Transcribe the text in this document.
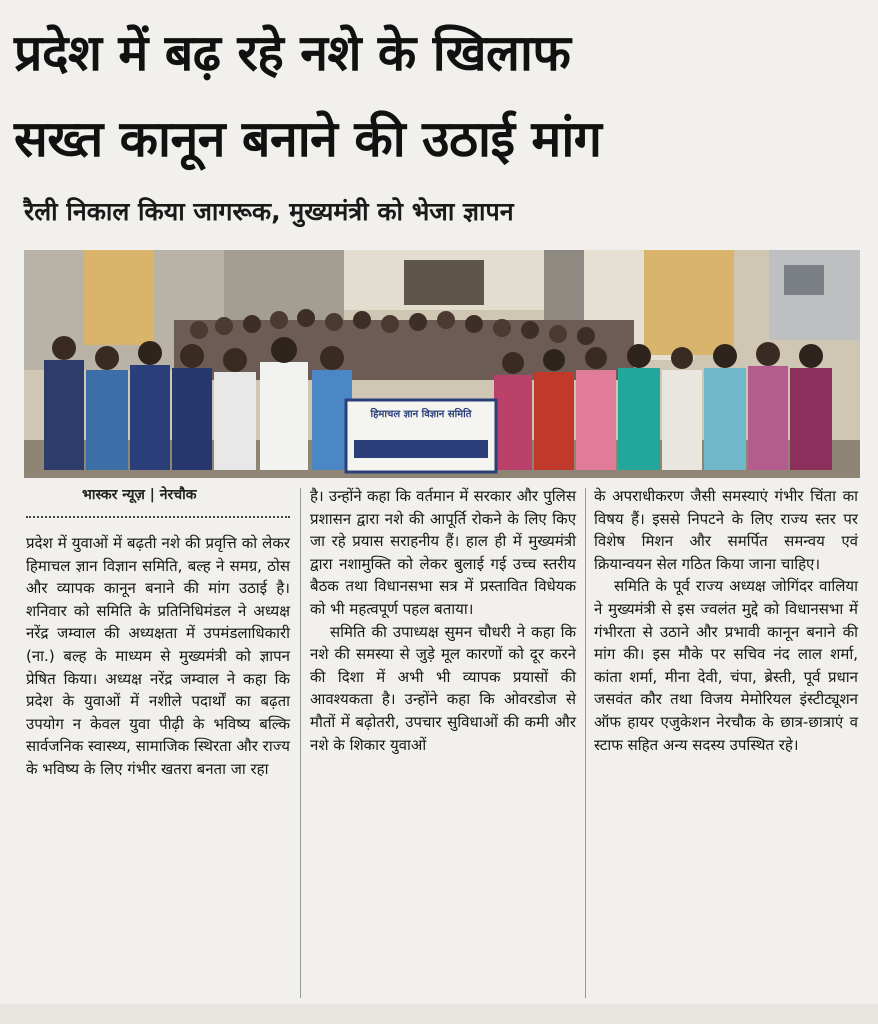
प्रदेश में बढ़ रहे नशे के खिलाफ
सख्त कानून बनाने की उठाई मांग
रैली निकाल किया जागरूक, मुख्यमंत्री को भेजा ज्ञापन
हिमाचल ज्ञान विज्ञान समिति
भास्कर न्यूज़ | नेरचौक

प्रदेश में युवाओं में बढ़ती नशे की प्रवृत्ति को लेकर हिमाचल ज्ञान विज्ञान समिति, बल्ह ने समग्र, ठोस और व्यापक कानून बनाने की मांग उठाई है। शनिवार को समिति के प्रतिनिधिमंडल ने अध्यक्ष नरेंद्र जम्वाल की अध्यक्षता में उपमंडलाधिकारी (ना.) बल्ह के माध्यम से मुख्यमंत्री को ज्ञापन प्रेषित किया। अध्यक्ष नरेंद्र जम्वाल ने कहा कि प्रदेश के युवाओं में नशीले पदार्थों का बढ़ता उपयोग न केवल युवा पीढ़ी के भविष्य बल्कि सार्वजनिक स्वास्थ्य, सामाजिक स्थिरता और राज्य के भविष्य के लिए गंभीर खतरा बनता जा रहा

है। उन्होंने कहा कि वर्तमान में सरकार और पुलिस प्रशासन द्वारा नशे की आपूर्ति रोकने के लिए किए जा रहे प्रयास सराहनीय हैं। हाल ही में मुख्यमंत्री द्वारा नशामुक्ति को लेकर बुलाई गई उच्च स्तरीय बैठक तथा विधानसभा सत्र में प्रस्तावित विधेयक को भी महत्वपूर्ण पहल बताया।

समिति की उपाध्यक्ष सुमन चौधरी ने कहा कि नशे की समस्या से जुड़े मूल कारणों को दूर करने की दिशा में अभी भी व्यापक प्रयासों की आवश्यकता है। उन्होंने कहा कि ओवरडोज से मौतों में बढ़ोतरी, उपचार सुविधाओं की कमी और नशे के शिकार युवाओं

के अपराधीकरण जैसी समस्याएं गंभीर चिंता का विषय हैं। इससे निपटने के लिए राज्य स्तर पर विशेष मिशन और समर्पित समन्वय एवं क्रियान्वयन सेल गठित किया जाना चाहिए।

समिति के पूर्व राज्य अध्यक्ष जोगिंदर वालिया ने मुख्यमंत्री से इस ज्वलंत मुद्दे को विधानसभा में गंभीरता से उठाने और प्रभावी कानून बनाने की मांग की। इस मौके पर सचिव नंद लाल शर्मा, कांता शर्मा, मीना देवी, चंपा, ब्रेस्ती, पूर्व प्रधान जसवंत कौर तथा विजय मेमोरियल इंस्टीट्यूशन ऑफ हायर एजुकेशन नेरचौक के छात्र-छात्राएं व स्टाफ सहित अन्य सदस्य उपस्थित रहे।
